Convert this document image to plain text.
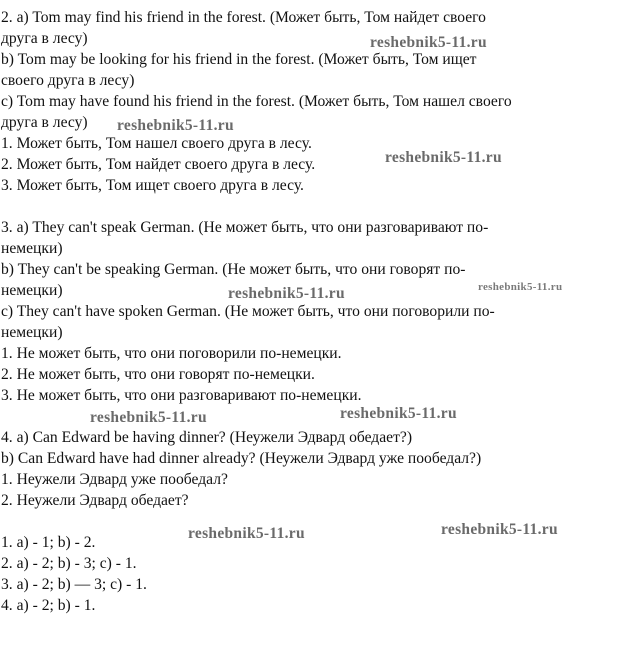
2. a) Tom may find his friend in the forest. (Может быть, Том найдет своего
друга в лесу)
b) Tom may be looking for his friend in the forest. (Может быть, Том ищет
своего друга в лесу)
c) Tom may have found his friend in the forest. (Может быть, Том нашел своего
друга в лесу)
1. Может быть, Том нашел своего друга в лесу.
2. Может быть, Том найдет своего друга в лесу.
3. Может быть, Том ищет своего друга в лесу.
3. a) They can't speak German. (Не может быть, что они разговаривают по-
немецки)
b) They can't be speaking German. (Не может быть, что они говорят по-
немецки)
c) They can't have spoken German. (Не может быть, что они поговорили по-
немецки)
1. Не может быть, что они поговорили по-немецки.
2. Не может быть, что они говорят по-немецки.
3. Не может быть, что они разговаривают по-немецки.
4. a) Can Edward be having dinner? (Неужели Эдвард обедает?)
b) Can Edward have had dinner already? (Неужели Эдвард уже пообедал?)
1. Неужели Эдвард уже пообедал?
2. Неужели Эдвард обедает?
1. a) - 1; b) - 2.
2. a) - 2; b) - 3; c) - 1.
3. a) - 2; b) — 3; c) - 1.
4. a) - 2; b) - 1.
reshebnik5-11.ru
reshebnik5-11.ru
reshebnik5-11.ru
reshebnik5-11.ru
reshebnik5-11.ru
reshebnik5-11.ru
reshebnik5-11.ru
reshebnik5-11.ru
reshebnik5-11.ru
